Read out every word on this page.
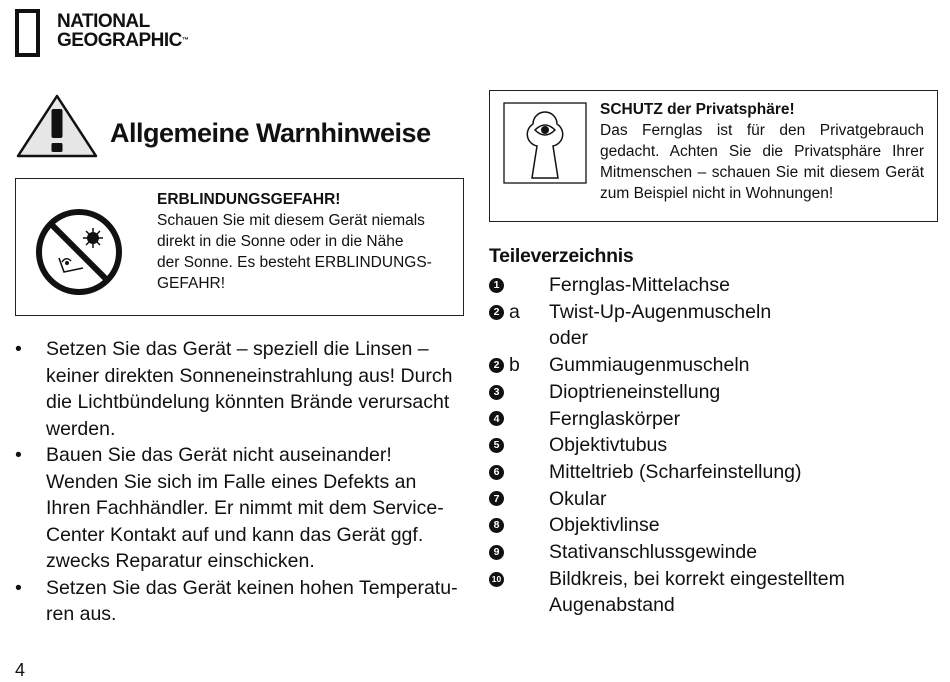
NATIONAL
GEOGRAPHIC™
Allgemeine Warnhinweise
ERBLINDUNGSGEFAHR!
Schauen Sie mit diesem Gerät niemals
direkt in die Sonne oder in die Nähe
der Sonne. Es besteht ERBLINDUNGS-
GEFAHR!
SCHUTZ der Privatsphäre!
Das Fernglas ist für den Privatgebrauch gedacht. Achten Sie die Privatsphäre Ihrer Mitmenschen – schauen Sie mit diesem Gerät zum Beispiel nicht in Wohnungen!
• Setzen Sie das Gerät – speziell die Linsen – keiner direkten Sonneneinstrahlung aus! Durch die Lichtbündelung könnten Brände verursacht werden.
• Bauen Sie das Gerät nicht auseinander! Wenden Sie sich im Falle eines Defekts an Ihren Fachhändler. Er nimmt mit dem Service-Center Kontakt auf und kann das Gerät ggf. zwecks Reparatur einschicken.
• Setzen Sie das Gerät keinen hohen Temperatu-ren aus.
Teileverzeichnis
1	Fernglas-Mittelachse
2 a Twist-Up-Augenmuscheln
oder
2 b Gummiaugenmuscheln
3	Dioptrieneinstellung
4	Fernglaskörper
5	Objektivtubus
6	Mitteltrieb (Scharfeinstellung)
7	Okular
8	Objektivlinse
9	Stativanschlussgewinde
10 Bildkreis, bei korrekt eingestelltem Augenabstand
4
